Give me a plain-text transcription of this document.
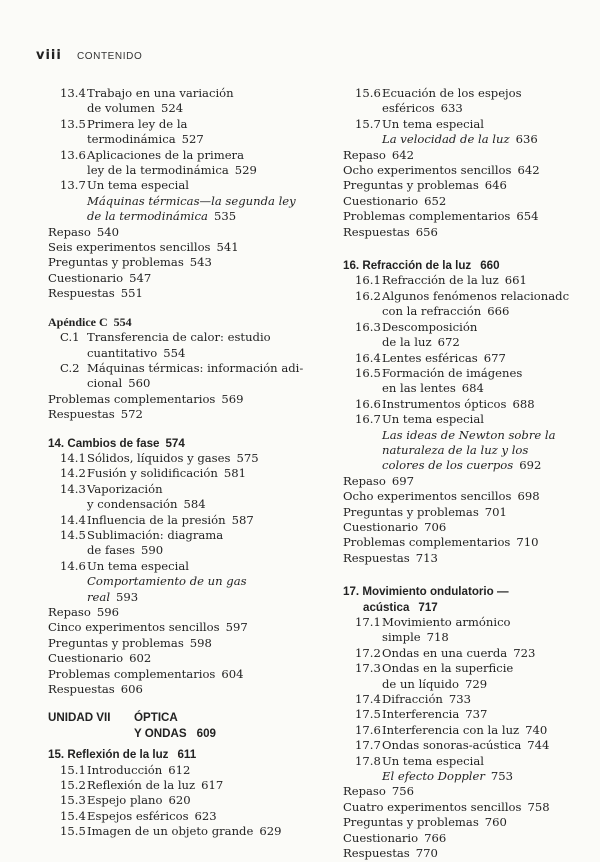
viii CONTENIDO
13.4 Trabajo en una variación
de volumen 524
13.5 Primera ley de la
termodinámica 527
13.6 Aplicaciones de la primera
ley de la termodinámica 529
13.7 Un tema especial
Máquinas térmicas—la segunda ley
de la termodinámica 535
Repaso 540
Seis experimentos sencillos 541
Preguntas y problemas 543
Cuestionario 547
Respuestas 551
Apéndice C 554
C.1 Transferencia de calor: estudio
cuantitativo 554
C.2 Máquinas térmicas: información adi-
cional 560
Problemas complementarios 569
Respuestas 572
14. Cambios de fase 574
14.1 Sólidos, líquidos y gases 575
14.2 Fusión y solidificación 581
14.3 Vaporización
y condensación 584
14.4 Influencia de la presión 587
14.5 Sublimación: diagrama
de fases 590
14.6 Un tema especial
Comportamiento de un gas
real 593
Repaso 596
Cinco experimentos sencillos 597
Preguntas y problemas 598
Cuestionario 602
Problemas complementarios 604
Respuestas 606
UNIDAD VII	ÓPTICA
Y ONDAS 609
15. Reflexión de la luz 611
15.1 Introducción 612
15.2 Reflexión de la luz 617
15.3 Espejo plano 620
15.4 Espejos esféricos 623
15.5 Imagen de un objeto grande 629
15.6 Ecuación de los espejos
esféricos 633
15.7 Un tema especial
La velocidad de la luz 636
Repaso 642
Ocho experimentos sencillos 642
Preguntas y problemas 646
Cuestionario 652
Problemas complementarios 654
Respuestas 656
16. Refracción de la luz 660
16.1 Refracción de la luz 661
16.2 Algunos fenómenos relacionadc
con la refracción 666
16.3 Descomposición
de la luz 672
16.4 Lentes esféricas 677
16.5 Formación de imágenes
en las lentes 684
16.6 Instrumentos ópticos 688
16.7 Un tema especial
Las ideas de Newton sobre la
naturaleza de la luz y los
colores de los cuerpos 692
Repaso 697
Ocho experimentos sencillos 698
Preguntas y problemas 701
Cuestionario 706
Problemas complementarios 710
Respuestas 713
17. Movimiento ondulatorio —
acústica 717
17.1 Movimiento armónico
simple 718
17.2 Ondas en una cuerda 723
17.3 Ondas en la superficie
de un líquido 729
17.4 Difracción 733
17.5 Interferencia 737
17.6 Interferencia con la luz 740
17.7 Ondas sonoras-acústica 744
17.8 Un tema especial
El efecto Doppler 753
Repaso 756
Cuatro experimentos sencillos 758
Preguntas y problemas 760
Cuestionario 766
Respuestas 770
